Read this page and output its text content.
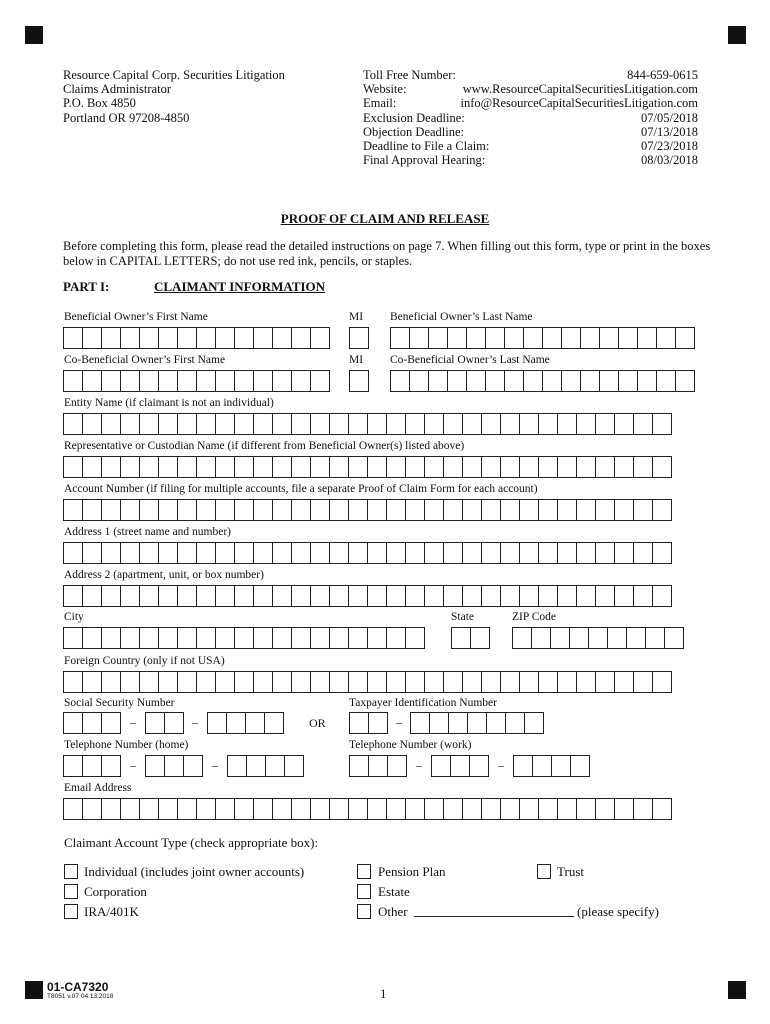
Resource Capital Corp. Securities Litigation
Claims Administrator
P.O. Box 4850
Portland OR 97208-4850
Toll Free Number:	844-659-0615
Website:	www.ResourceCapitalSecuritiesLitigation.com
Email:	info@ResourceCapitalSecuritiesLitigation.com
Exclusion Deadline:	07/05/2018
Objection Deadline:	07/13/2018
Deadline to File a Claim:	07/23/2018
Final Approval Hearing:	08/03/2018
PROOF OF CLAIM AND RELEASE
Before completing this form, please read the detailed instructions on page 7. When filling out this form, type or print in the boxes below in CAPITAL LETTERS; do not use red ink, pencils, or staples.
PART I:	CLAIMANT INFORMATION
Beneficial Owner’s First Name	MI Beneficial Owner’s Last Name
Co-Beneficial Owner’s First Name	MI Co-Beneficial Owner’s Last Name
Entity Name (if claimant is not an individual)
Representative or Custodian Name (if different from Beneficial Owner(s) listed above)
Account Number (if filing for multiple accounts, file a separate Proof of Claim Form for each account)
Address 1 (street name and number)
Address 2 (apartment, unit, or box number)
City	State	ZIP Code
Foreign Country (only if not USA)
Social Security Number	Taxpayer Identification Number
–	–	OR	–
Telephone Number (home)	Telephone Number (work)
–	–	–	–
Email Address
Claimant Account Type (check appropriate box):
Individual (includes joint owner accounts)
Corporation
IRA/401K
Pension Plan
Estate
Other	(please specify)
Trust
01-CA7320
T8051 v.07 04.13.2018	1
